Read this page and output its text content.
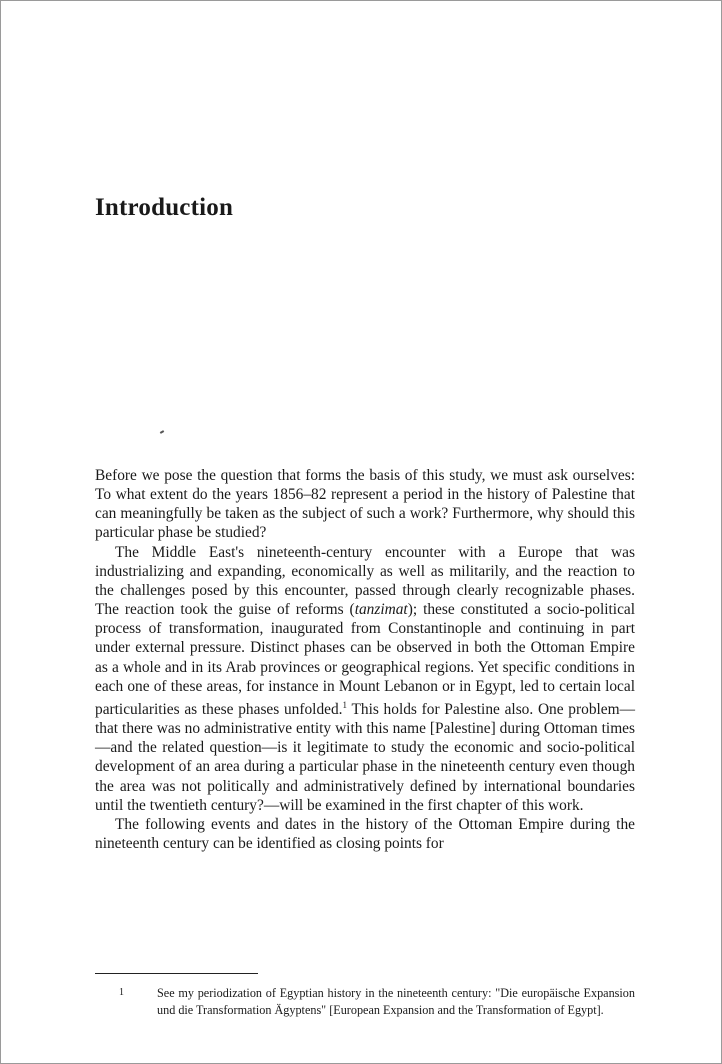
Introduction

Before we pose the question that forms the basis of this study, we must ask ourselves: To what extent do the years 1856–82 represent a period in the history of Palestine that can meaningfully be taken as the subject of such a work? Furthermore, why should this particular phase be studied?

The Middle East's nineteenth-century encounter with a Europe that was industrializing and expanding, economically as well as militarily, and the reaction to the challenges posed by this encounter, passed through clearly recognizable phases. The reaction took the guise of reforms (tanzimat); these constituted a socio-political process of transformation, inaugurated from Constantinople and continuing in part under external pressure. Distinct phases can be observed in both the Ottoman Empire as a whole and in its Arab provinces or geographical regions. Yet specific conditions in each one of these areas, for instance in Mount Lebanon or in Egypt, led to certain local particularities as these phases unfolded.$^1$ This holds for Palestine also. One problem—that there was no administrative entity with this name [Palestine] during Ottoman times—and the related question—is it legitimate to study the economic and socio-political development of an area during a particular phase in the nineteenth century even though the area was not politically and administratively defined by international boundaries until the twentieth century?—will be examined in the first chapter of this work.

The following events and dates in the history of the Ottoman Empire during the nineteenth century can be identified as closing points for

1	See my periodization of Egyptian history in the nineteenth century: "Die europäische Expansion und die Transformation Ägyptens" [European Expansion and the Transformation of Egypt].
